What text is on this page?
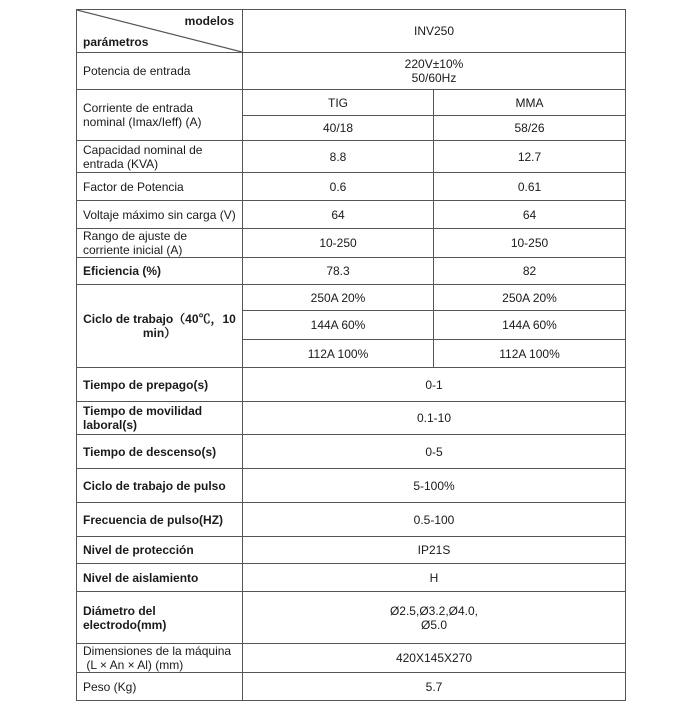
modelos
parámetros	INV250	
Potencia de entrada	220V±10%
50/60Hz	

Corriente de entrada nominal (Imax/Ieff) (A)	TIG	MMA
	40/18	58/26
Capacidad nominal de entrada (KVA)	8.8	12.7
Factor de Potencia	0.6	0.61
Voltaje máximo sin carga (V)	64	64
Rango de ajuste de corriente inicial (A)	10-250	10-250
Eficiencia (%)	78.3	82
Ciclo de trabajo（40℃，10 min）	250A 20%	250A 20%
	144A 60%	144A 60%
	112A 100%	112A 100%
Tiempo de prepago(s)	0-1	
Tiempo de movilidad laboral(s)	0.1-10	
Tiempo de descenso(s)	0-5	
Ciclo de trabajo de pulso	5-100%	
Frecuencia de pulso(HZ)	0.5-100	
Nivel de protección	IP21S	
Nivel de aislamiento	H	
Diámetro del electrodo(mm)	Ø2.5,Ø3.2,Ø4.0,
Ø5.0	

Dimensiones de la máquina
(L × An × Al) (mm)	420X145X270	
Peso (Kg)	5.7	
